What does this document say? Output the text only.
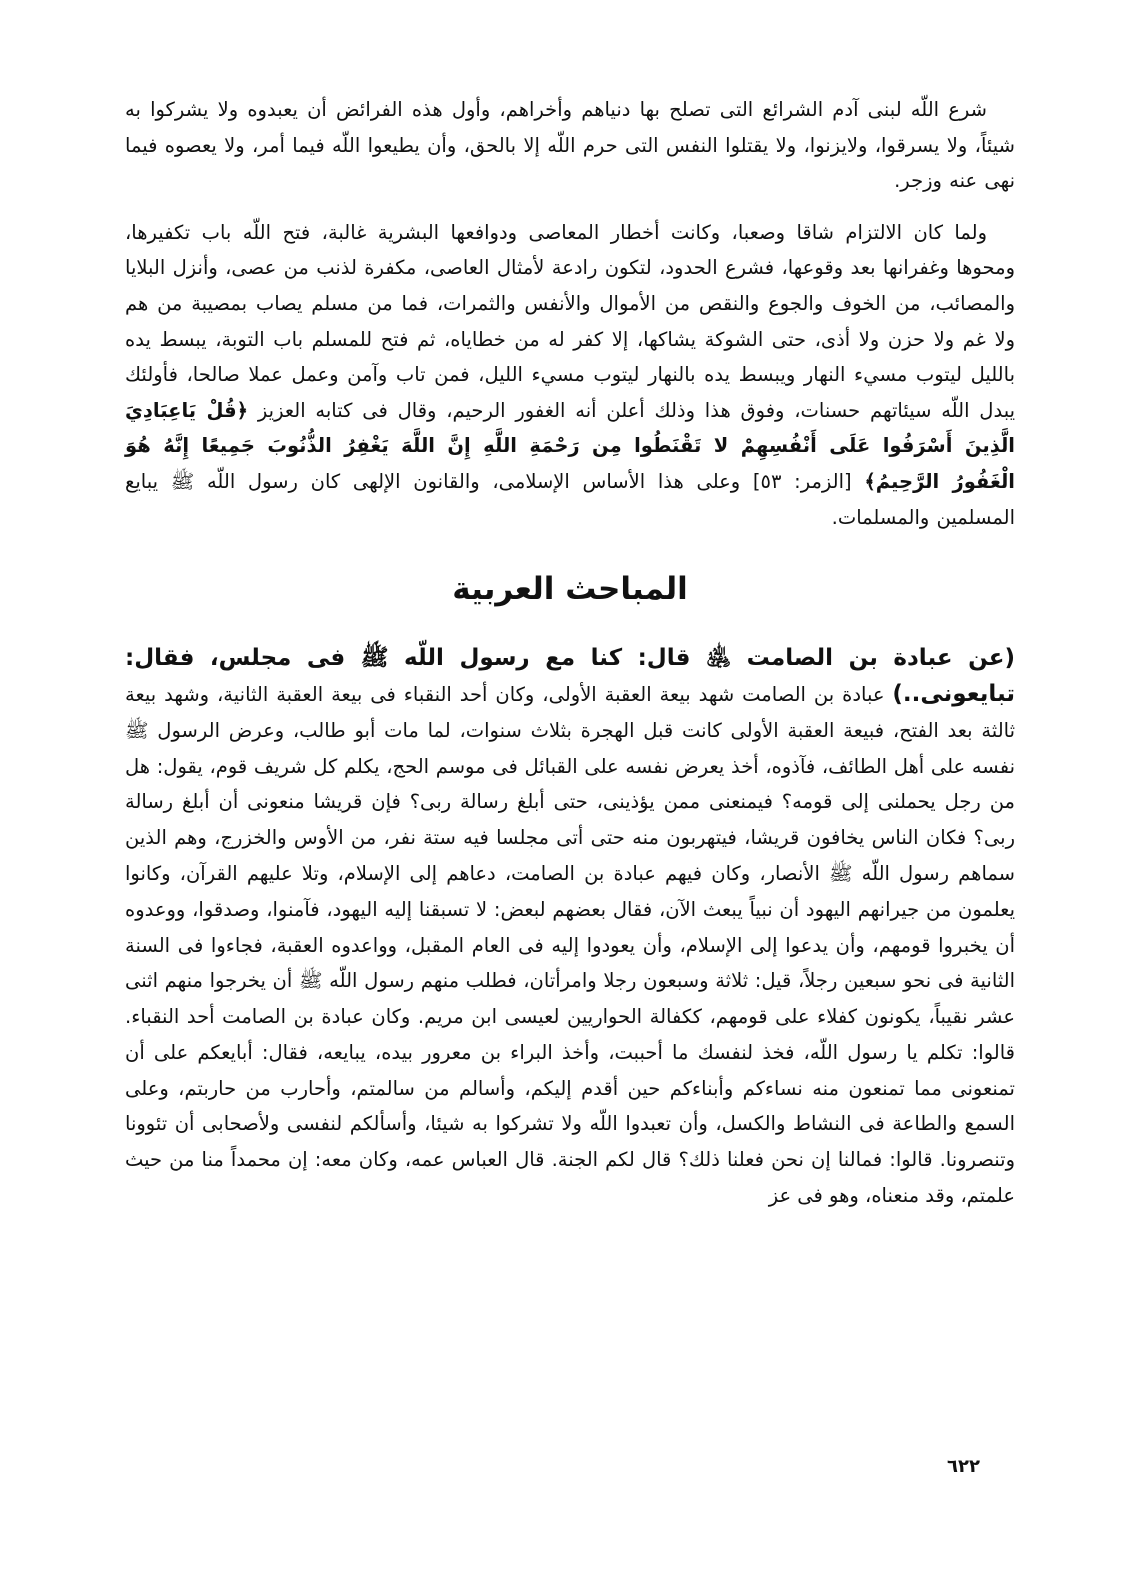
شرع اللّه لبنى آدم الشرائع التى تصلح بها دنياهم وأخراهم، وأول هذه الفرائض أن يعبدوه ولا يشركوا به شيئاً، ولا يسرقوا، ولايزنوا، ولا يقتلوا النفس التى حرم اللّه إلا بالحق، وأن يطيعوا اللّه فيما أمر، ولا يعصوه فيما نهى عنه وزجر.

ولما كان الالتزام شاقا وصعبا، وكانت أخطار المعاصى ودوافعها البشرية غالبة، فتح اللّه باب تكفيرها، ومحوها وغفرانها بعد وقوعها، فشرع الحدود، لتكون رادعة لأمثال العاصى، مكفرة لذنب من عصى، وأنزل البلايا والمصائب، من الخوف والجوع والنقص من الأموال والأنفس والثمرات، فما من مسلم يصاب بمصيبة من هم ولا غم ولا حزن ولا أذى، حتى الشوكة يشاكها، إلا كفر له من خطاياه، ثم فتح للمسلم باب التوبة، يبسط يده بالليل ليتوب مسيء النهار ويبسط يده بالنهار ليتوب مسيء الليل، فمن تاب وآمن وعمل عملا صالحا، فأولئك يبدل اللّه سيئاتهم حسنات، وفوق هذا وذلك أعلن أنه الغفور الرحيم، وقال فى كتابه العزيز ﴿قُلْ يَاعِبَادِيَ الَّذِينَ أَسْرَفُوا عَلَى أَنْفُسِهِمْ لا تَقْنَطُوا مِن رَحْمَةِ اللَّهِ إِنَّ اللَّهَ يَغْفِرُ الذُّنُوبَ جَمِيعًا إِنَّهُ هُوَ الْغَفُورُ الرَّحِيمُ﴾ [الزمر: ٥٣] وعلى هذا الأساس الإسلامى، والقانون الإلهى كان رسول اللّه ﷺ يبايع المسلمين والمسلمات.

المباحث العربية

(عن عبادة بن الصامت ﵁ قال: كنا مع رسول اللّه ﷺ فى مجلس، فقال: تبايعونى..) عبادة بن الصامت شهد بيعة العقبة الأولى، وكان أحد النقباء فى بيعة العقبة الثانية، وشهد بيعة ثالثة بعد الفتح، فبيعة العقبة الأولى كانت قبل الهجرة بثلاث سنوات، لما مات أبو طالب، وعرض الرسول ﷺ نفسه على أهل الطائف، فآذوه، أخذ يعرض نفسه على القبائل فى موسم الحج، يكلم كل شريف قوم، يقول: هل من رجل يحملنى إلى قومه؟ فيمنعنى ممن يؤذينى، حتى أبلغ رسالة ربى؟ فإن قريشا منعونى أن أبلغ رسالة ربى؟ فكان الناس يخافون قريشا، فيتهربون منه حتى أتى مجلسا فيه ستة نفر، من الأوس والخزرج، وهم الذين سماهم رسول اللّه ﷺ الأنصار، وكان فيهم عبادة بن الصامت، دعاهم إلى الإسلام، وتلا عليهم القرآن، وكانوا يعلمون من جيرانهم اليهود أن نبياً يبعث الآن، فقال بعضهم لبعض: لا تسبقنا إليه اليهود، فآمنوا، وصدقوا، ووعدوه أن يخبروا قومهم، وأن يدعوا إلى الإسلام، وأن يعودوا إليه فى العام المقبل، وواعدوه العقبة، فجاءوا فى السنة الثانية فى نحو سبعين رجلاً، قيل: ثلاثة وسبعون رجلا وامرأتان، فطلب منهم رسول اللّه ﷺ أن يخرجوا منهم اثنى عشر نقيباً، يكونون كفلاء على قومهم، ككفالة الحواريين لعيسى ابن مريم. وكان عبادة بن الصامت أحد النقباء. قالوا: تكلم يا رسول اللّه، فخذ لنفسك ما أحببت، وأخذ البراء بن معرور بيده، يبايعه، فقال: أبايعكم على أن تمنعونى مما تمنعون منه نساءكم وأبناءكم حين أقدم إليكم، وأسالم من سالمتم، وأحارب من حاربتم، وعلى السمع والطاعة فى النشاط والكسل، وأن تعبدوا اللّه ولا تشركوا به شيئا، وأسألكم لنفسى ولأصحابى أن تئوونا وتنصرونا. قالوا: فمالنا إن نحن فعلنا ذلك؟ قال لكم الجنة. قال العباس عمه، وكان معه: إن محمداً منا من حيث علمتم، وقد منعناه، وهو فى عز

٦٢٢
